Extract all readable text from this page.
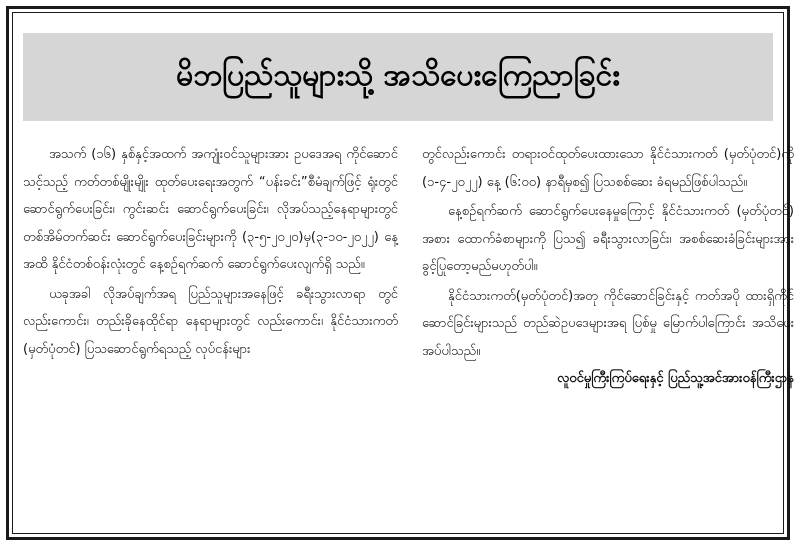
မိဘပြည်သူများသို့ အသိပေးကြေညာခြင်း

အသက် (၁၆) နှစ်နှင့်အထက် အကျုံးဝင်သူများအား ဥပဒေအရ ကိုင်ဆောင်သင့်သည့် ကတ်တစ်မျိုးမျိုး ထုတ်ပေးရေးအတွက် “ပန်းခင်း”စီမံချက်ဖြင့် ရုံးတွင်ဆောင်ရွက်ပေးခြင်း၊ ကွင်းဆင်း ဆောင်ရွက်ပေးခြင်း၊ လိုအပ်သည့်နေရာများတွင် တစ်အိမ်တက်ဆင်း ဆောင်ရွက်ပေးခြင်းများကို (၃-၅-၂၀၂၀)မှ(၃-၁၀-၂၀၂၂) နေ့အထိ နိုင်ငံတစ်ဝန်းလုံးတွင် နေ့စဉ်ရက်ဆက် ဆောင်ရွက်ပေးလျက်ရှိ သည်။

ယခုအခါ လိုအပ်ချက်အရ ပြည်သူများအနေဖြင့် ခရီးသွားလာရာ တွင် လည်းကောင်း၊ တည်းခိုနေထိုင်ရာ နေရာများတွင် လည်းကောင်း၊ နိုင်ငံသားကတ် (မှတ်ပုံတင်) ပြသဆောင်ရွက်ရသည့် လုပ်ငန်းများ

တွင်လည်းကောင်း တရားဝင်ထုတ်ပေးထားသော နိုင်ငံသားကတ် (မှတ်ပုံတင်)ကို (၁-၄-၂၀၂၂) နေ့ (၆:၀၀) နာရီမှစ၍ ပြသစစ်ဆေး ခံရမည်ဖြစ်ပါသည်။

နေ့စဉ်ရက်ဆက် ဆောင်ရွက်ပေးနေမှုကြောင့် နိုင်ငံသားကတ် (မှတ်ပုံတင်) အစား ထောက်ခံစာများကို ပြသ၍ ခရီးသွားလာခြင်း၊ အစစ်ဆေးခံခြင်းများအား ခွင့်ပြုတော့မည်မဟုတ်ပါ။

နိုင်ငံသားကတ်(မှတ်ပုံတင်)အတု ကိုင်ဆောင်ခြင်းနှင့် ကတ်အပို ထားရှိကိုင်ဆောင်ခြင်းများသည် တည်ဆဲဥပဒေများအရ ပြစ်မှု မြောက်ပါကြောင်း အသိပေးအပ်ပါသည်။

လူဝင်မှုကြီးကြပ်ရေးနှင့် ပြည်သူ့အင်အားဝန်ကြီးဌာန
